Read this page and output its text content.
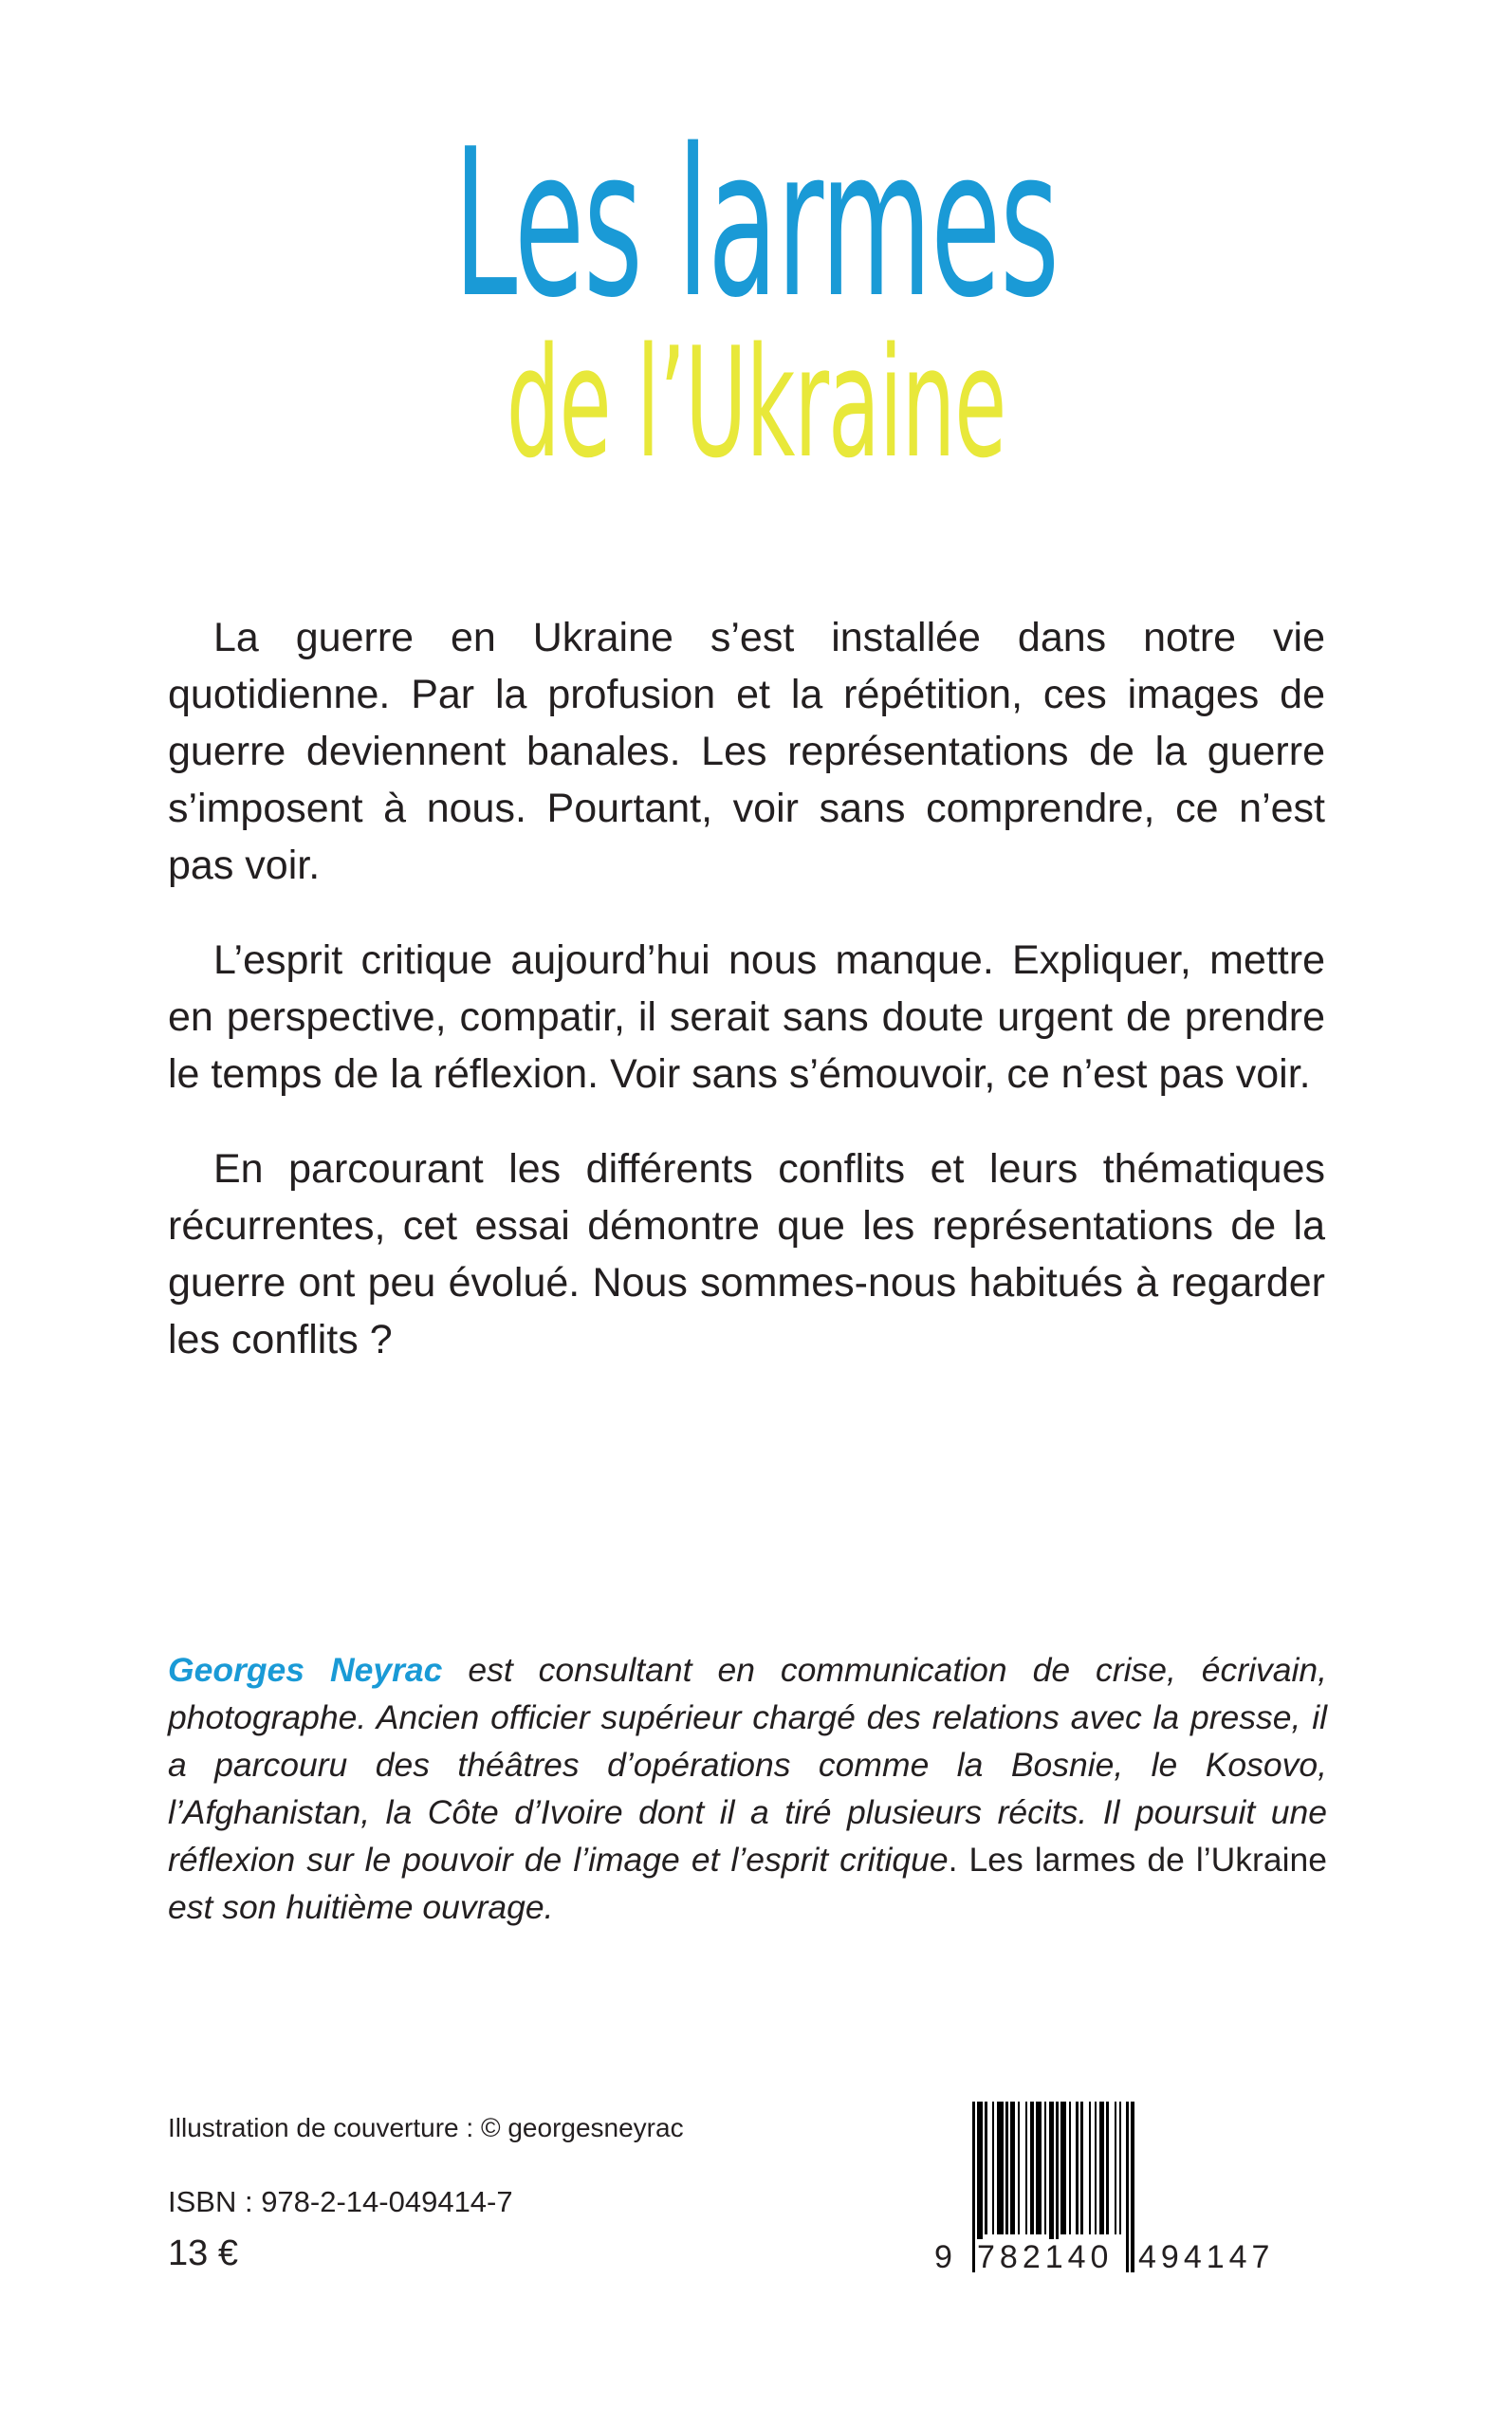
Les larmes
de l’Ukraine

La guerre en Ukraine s’est installée dans notre vie quotidienne. Par la profusion et la répétition, ces images de guerre deviennent banales. Les représentations de la guerre s’imposent à nous. Pourtant, voir sans comprendre, ce n’est pas voir.

L’esprit critique aujourd’hui nous manque. Expliquer, mettre en perspective, compatir, il serait sans doute urgent de prendre le temps de la réflexion. Voir sans s’émouvoir, ce n’est pas voir.

En parcourant les différents conflits et leurs thématiques récurrentes, cet essai démontre que les représentations de la guerre ont peu évolué. Nous sommes-nous habitués à regarder les conflits ?

Georges Neyrac est consultant en communication de crise, écrivain, photographe. Ancien officier supérieur chargé des relations avec la presse, il a parcouru des théâtres d’opérations comme la Bosnie, le Kosovo, l’Afghanistan, la Côte d’Ivoire dont il a tiré plusieurs récits. Il poursuit une réflexion sur le pouvoir de l’image et l’esprit critique. Les larmes de l’Ukraine est son huitième ouvrage.
Illustration de couverture : © georgesneyrac
ISBN : 978-2-14-049414-7
13 €	9 782140 494147
